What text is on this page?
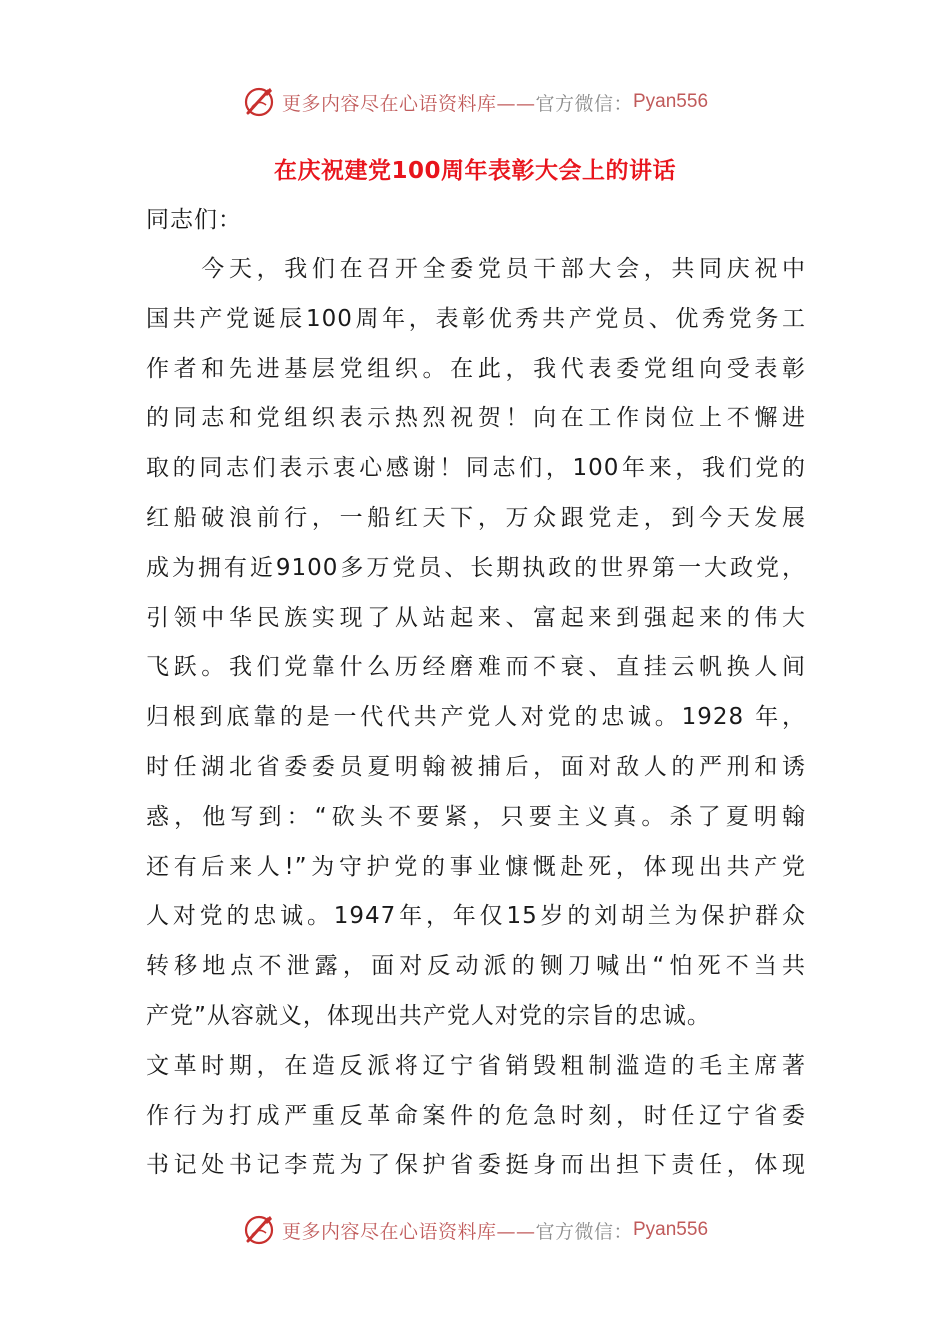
更多内容尽在心语资料库—— 官方微信： Pyan556
在庆祝建党100周年表彰大会上的讲话
同志们：
　　今天，我们在召开全委党员干部大会，共同庆祝中
国共产党诞辰100周年，表彰优秀共产党员、优秀党务工
作者和先进基层党组织。在此，我代表委党组向受表彰
的同志和党组织表示热烈祝贺！向在工作岗位上不懈进
取的同志们表示衷心感谢！同志们，100年来，我们党的
红船破浪前行，一船红天下，万众跟党走，到今天发展
成为拥有近9100多万党员、长期执政的世界第一大政党，
引领中华民族实现了从站起来、富起来到强起来的伟大
飞跃。我们党靠什么历经磨难而不衰、直挂云帆换人间
归根到底靠的是一代代共产党人对党的忠诚。1928 年，
时任湖北省委委员夏明翰被捕后，面对敌人的严刑和诱
惑，他写到：“砍头不要紧，只要主义真。杀了夏明翰
还有后来人!”为守护党的事业慷慨赴死，体现出共产党
人对党的忠诚。1947年，年仅15岁的刘胡兰为保护群众
转移地点不泄露，面对反动派的铡刀喊出“怕死不当共
产党”从容就义，体现出共产党人对党的宗旨的忠诚。
文革时期，在造反派将辽宁省销毁粗制滥造的毛主席著
作行为打成严重反革命案件的危急时刻，时任辽宁省委
书记处书记李荒为了保护省委挺身而出担下责任，体现
更多内容尽在心语资料库—— 官方微信： Pyan556
